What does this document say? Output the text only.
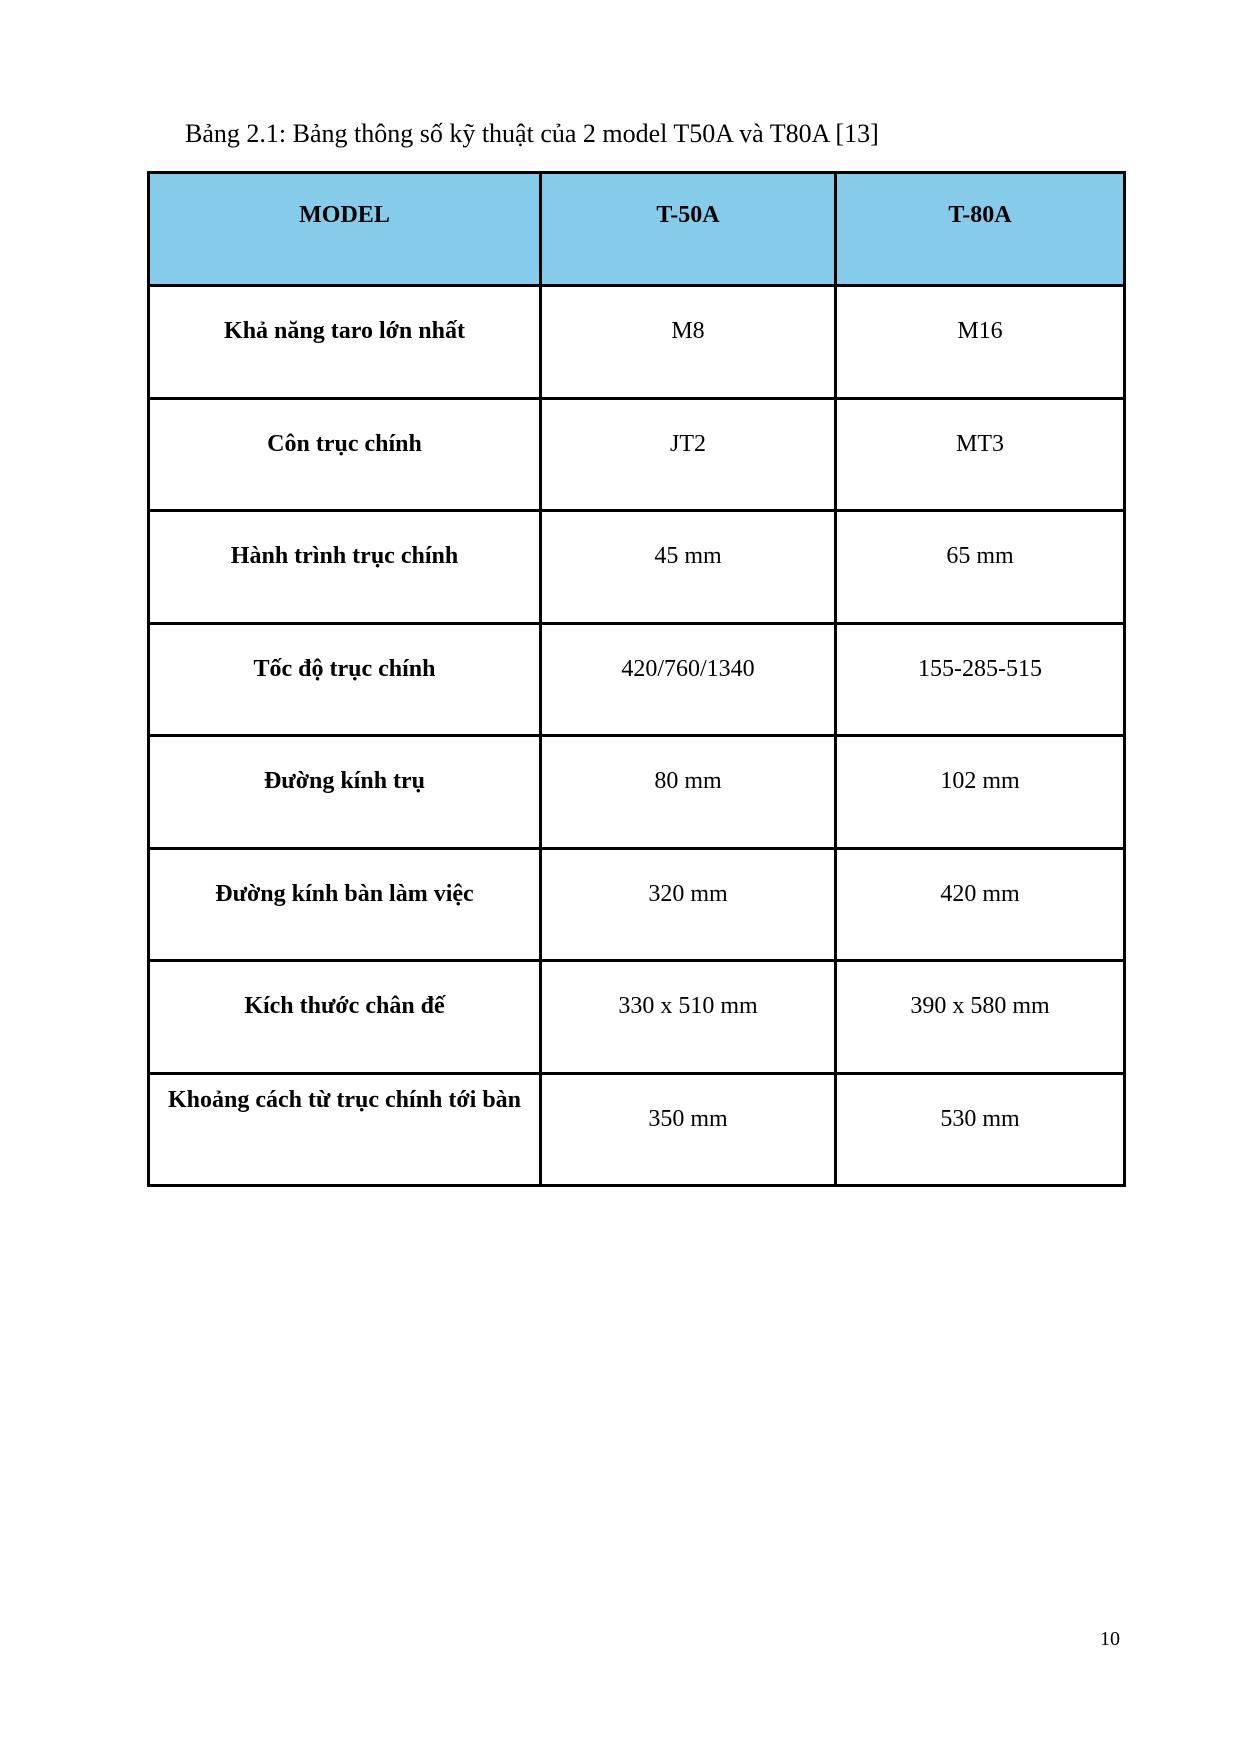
Bảng 2.1: Bảng thông số kỹ thuật của 2 model T50A và T80A [13]
MODEL	T-50A	T-80A
Khả năng taro lớn nhất	M8	M16
Côn trục chính	JT2	MT3
Hành trình trục chính	45 mm	65 mm
Tốc độ trục chính	420/760/1340	155-285-515
Đường kính trụ	80 mm	102 mm
Đường kính bàn làm việc	320 mm	420 mm
Kích thước chân đế	330 x 510 mm	390 x 580 mm
Khoảng cách từ trục chính tới bàn	350 mm	530 mm
10
